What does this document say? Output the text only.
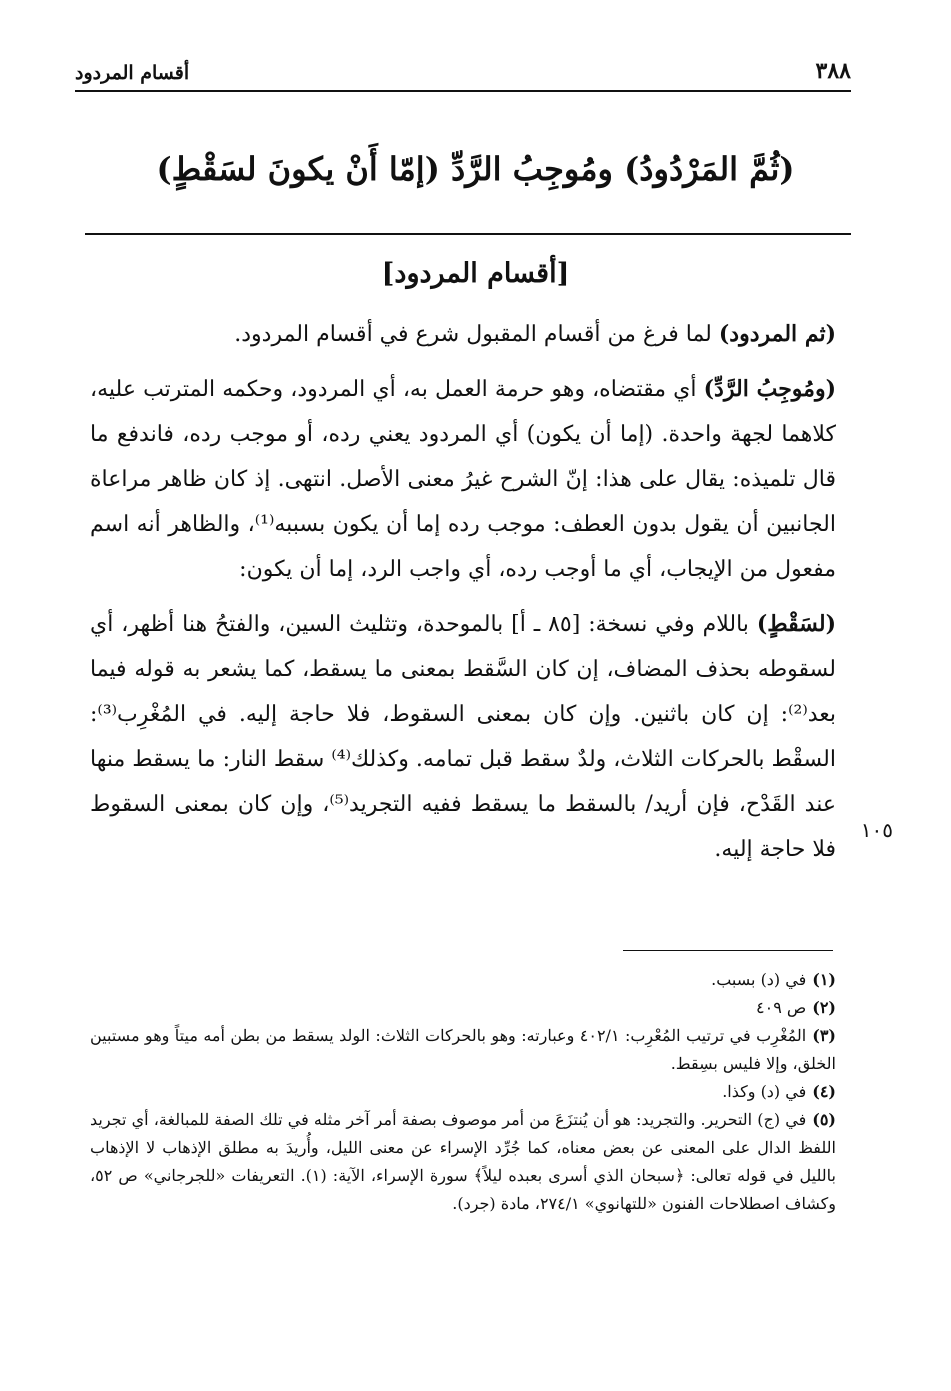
٣٨٨
أقسام المردود
(ثُمَّ المَرْدُودُ) ومُوجِبُ الرَّدِّ (إمّا أَنْ يكونَ لسَقْطٍ)
[أقسام المردود]

(ثم المردود) لما فرغ من أقسام المقبول شرع في أقسام المردود.

(ومُوجِبُ الرَّدِّ) أي مقتضاه، وهو حرمة العمل به، أي المردود، وحكمه المترتب عليه، كلاهما لجهة واحدة. (إما أن يكون) أي المردود يعني رده، أو موجب رده، فاندفع ما قال تلميذه: يقال على هذا: إنّ الشرح غيرُ معنى الأصل. انتهى. إذ كان ظاهر مراعاة الجانبين أن يقول بدون العطف: موجب رده إما أن يكون بسببه⁽¹⁾، والظاهر أنه اسم مفعول من الإيجاب، أي ما أوجب رده، أي واجب الرد، إما أن يكون:

(لسَقْطٍ) باللام وفي نسخة: [٨٥ ـ أ] بالموحدة، وتثليث السين، والفتحُ هنا أظهر، أي لسقوطه بحذف المضاف، إن كان السَّقط بمعنى ما يسقط، كما يشعر به قوله فيما بعد⁽²⁾: إن كان باثنين. وإن كان بمعنى السقوط، فلا حاجة إليه. في المُغْرِب⁽³⁾: السقْط بالحركات الثلاث، ولدٌ سقط قبل تمامه. وكذلك⁽⁴⁾ سقط النار: ما يسقط منها عند القَدْح، فإن أريد/ بالسقط ما يسقط ففيه التجريد⁽⁵⁾، وإن كان بمعنى السقوط فلا حاجة إليه.

١٠٥

(١)في (د) بسبب.

(٢)ص ٤٠٩

(٣)المُغْرِب في ترتيب المُعْرِب: ٤٠٢/١ وعبارته: وهو بالحركات الثلاث: الولد يسقط من بطن أمه ميتاً وهو مستبين الخلق، وإلا فليس بسِقط.

(٤)في (د) وكذا.

(٥)في (ج) التحرير. والتجريد: هو أن يُنتزَعَ من أمر موصوف بصفة أمر آخر مثله في تلك الصفة للمبالغة، أي تجريد اللفظ الدال على المعنى عن بعض معناه، كما جُرِّد الإسراء عن معنى الليل، وأُريدَ به مطلق الإذهاب لا الإذهاب بالليل في قوله تعالى: ﴿سبحان الذي أسرى بعبده ليلاً﴾ سورة الإسراء، الآية: (١). التعريفات «للجرجاني» ص ٥٢، وكشاف اصطلاحات الفنون «للتهانوي» ٢٧٤/١، مادة (جرد).
